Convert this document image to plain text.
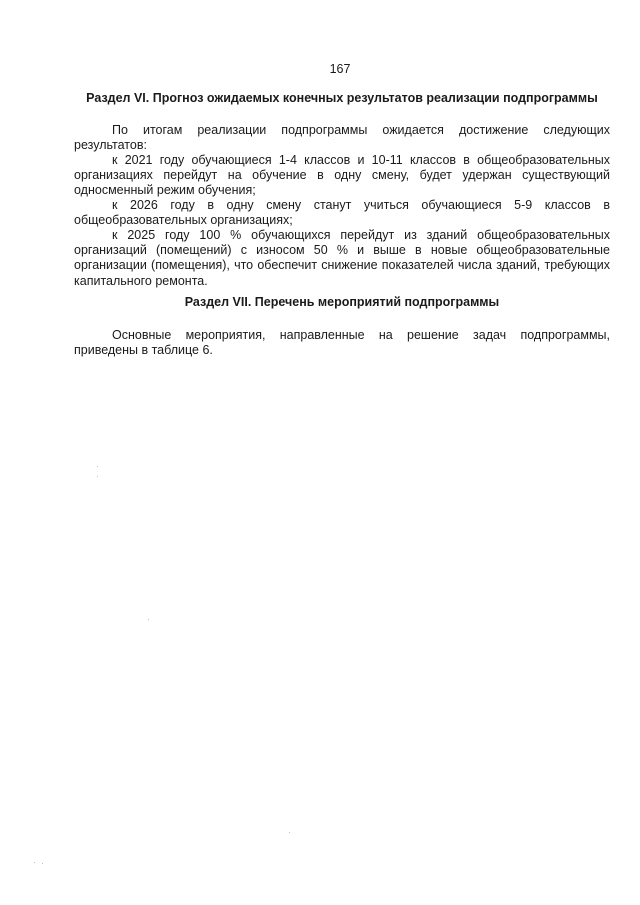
167
Раздел VI. Прогноз ожидаемых конечных результатов реализации подпрограммы

По итогам реализации подпрограммы ожидается достижение следующих результатов:

к 2021 году обучающиеся 1-4 классов и 10-11 классов в общеобразовательных организациях перейдут на обучение в одну смену, будет удержан существующий односменный режим обучения;

к 2026 году в одну смену станут учиться обучающиеся 5-9 классов в общеобразовательных организациях;

к 2025 году 100 % обучающихся перейдут из зданий общеобразовательных организаций (помещений) с износом 50 % и выше в новые общеобразовательные организации (помещения), что обеспечит снижение показателей числа зданий, требующих капитального ремонта.

Раздел VII. Перечень мероприятий подпрограммы

Основные мероприятия, направленные на решение задач подпрограммы, приведены в таблице 6.
